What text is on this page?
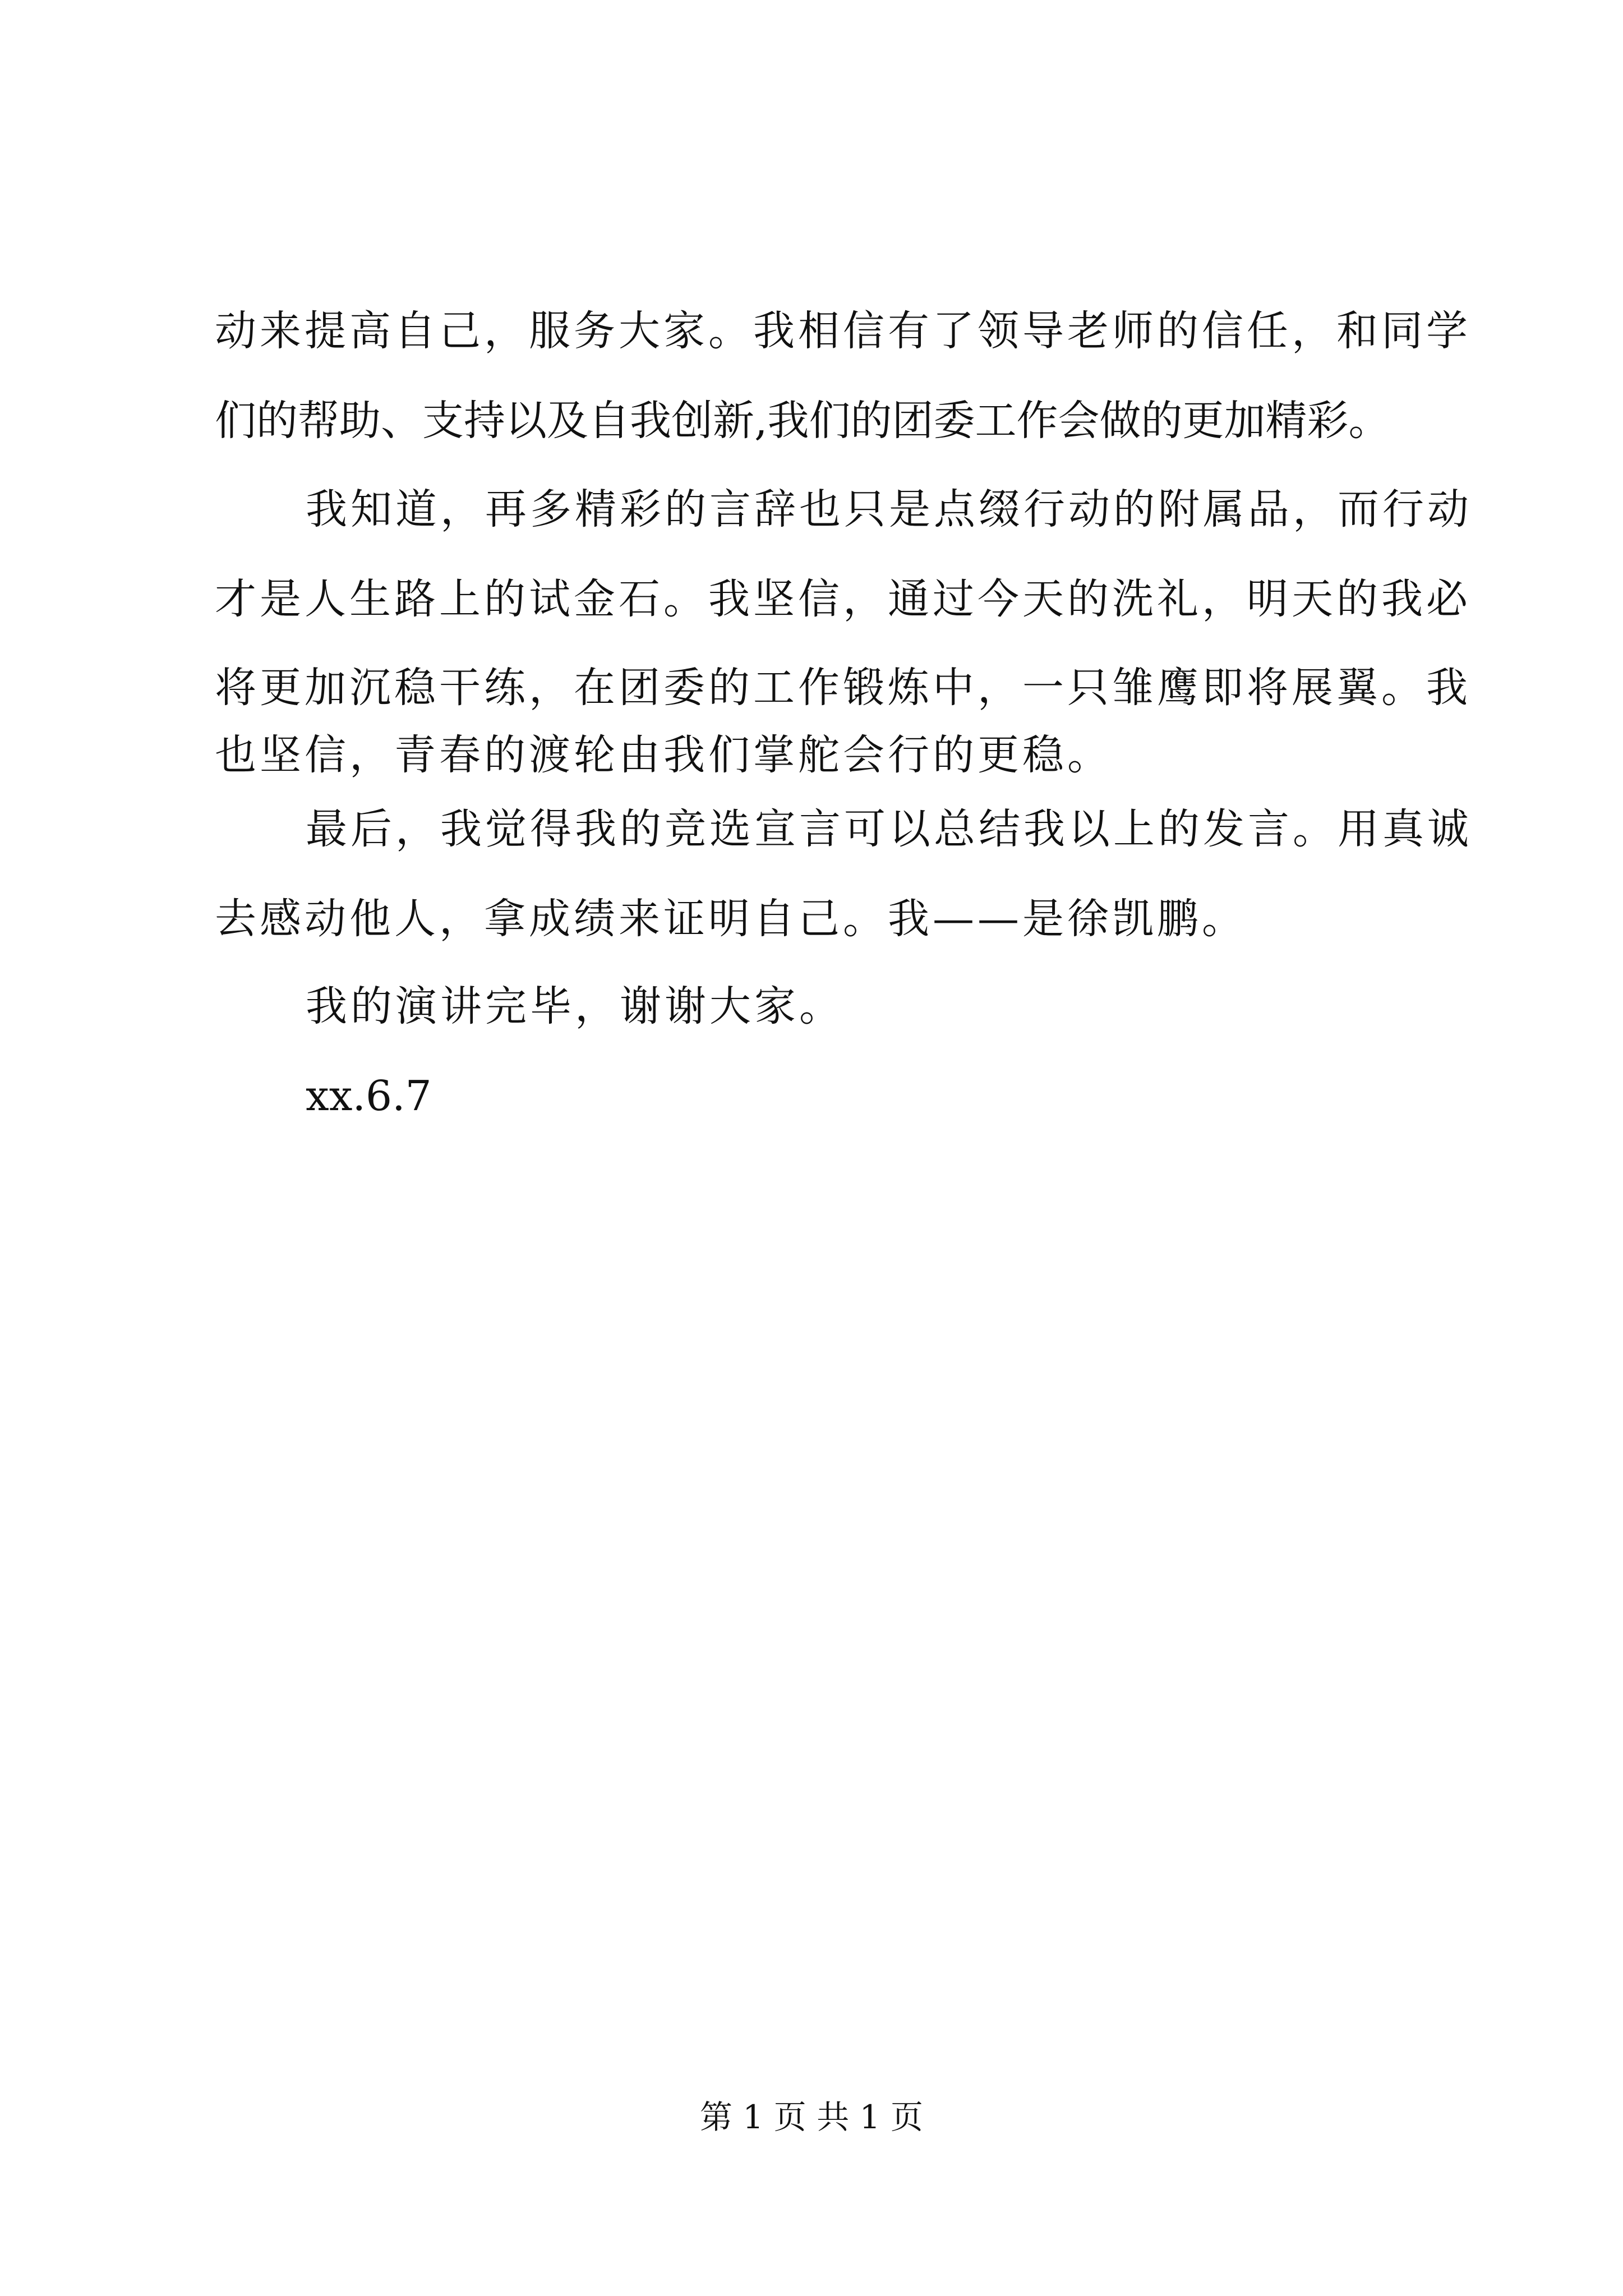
动来提高自己，服务大家。我相信有了领导老师的信任，和同学
们的帮助、支持以及自我创新,我们的团委工作会做的更加精彩。
我知道，再多精彩的言辞也只是点缀行动的附属品，而行动
才是人生路上的试金石。我坚信，通过今天的洗礼，明天的我必
将更加沉稳干练，在团委的工作锻炼中，一只雏鹰即将展翼。我
也坚信，青春的渡轮由我们掌舵会行的更稳。
最后，我觉得我的竞选宣言可以总结我以上的发言。用真诚
去感动他人，拿成绩来证明自己。我——是徐凯鹏。
我的演讲完毕，谢谢大家。
xx.6.7
第 1 页 共 1 页
